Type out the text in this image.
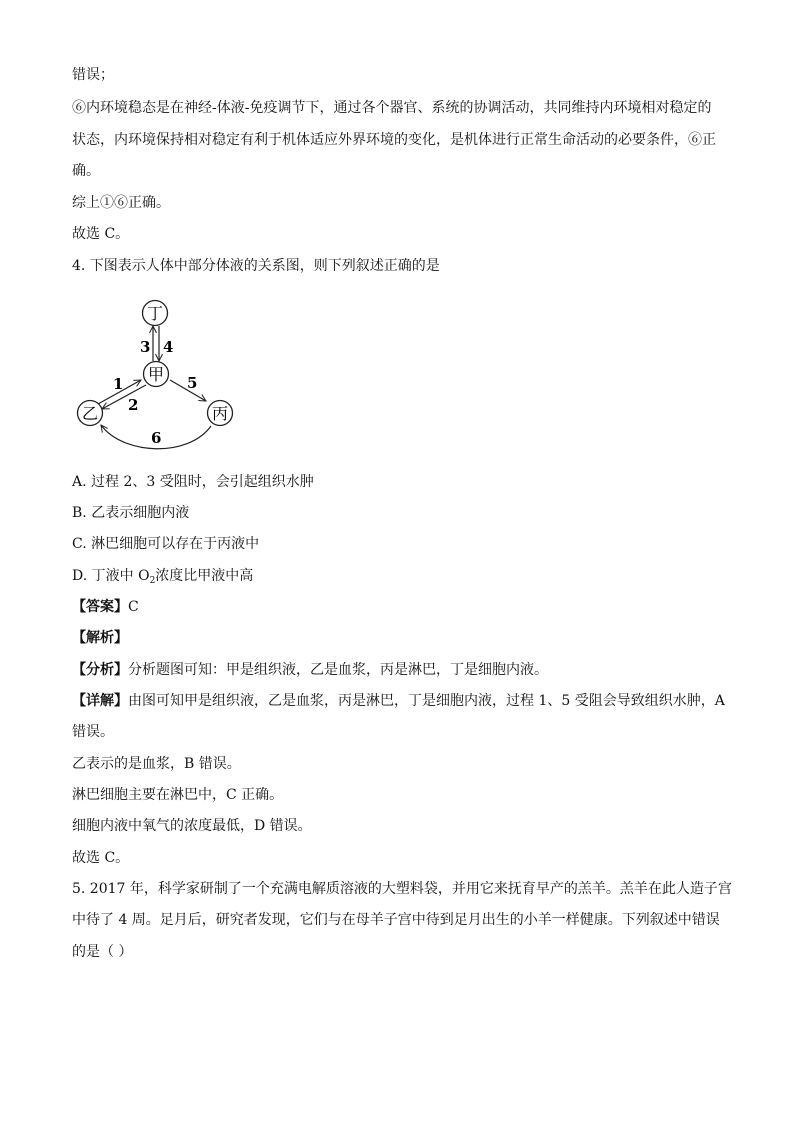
错误；
⑥内环境稳态是在神经-体液-免疫调节下，通过各个器官、系统的协调活动，共同维持内环境相对稳定的
状态，内环境保持相对稳定有利于机体适应外界环境的变化，是机体进行正常生命活动的必要条件，⑥正
确。
综上①⑥正确。
故选 C。
4. 下图表示人体中部分体液的关系图，则下列叙述正确的是
丁
甲
乙	丙
3 4
1
2
5
6
A. 过程 2、3 受阻时，会引起组织水肿
B. 乙表示细胞内液
C. 淋巴细胞可以存在于丙液中
D. 丁液中 $O_2$浓度比甲液中高
【答案】C
【解析】
【分析】分析题图可知：甲是组织液，乙是血浆，丙是淋巴，丁是细胞内液。
【详解】由图可知甲是组织液，乙是血浆，丙是淋巴，丁是细胞内液，过程 1、5 受阻会导致组织水肿，A
错误。
乙表示的是血浆，B 错误。
淋巴细胞主要在淋巴中，C 正确。
细胞内液中氧气的浓度最低，D 错误。
故选 C。
5. 2017 年，科学家研制了一个充满电解质溶液的大塑料袋，并用它来抚育早产的羔羊。羔羊在此人造子宫
中待了 4 周。足月后，研究者发现，它们与在母羊子宫中待到足月出生的小羊一样健康。下列叙述中错误
的是（ ）
